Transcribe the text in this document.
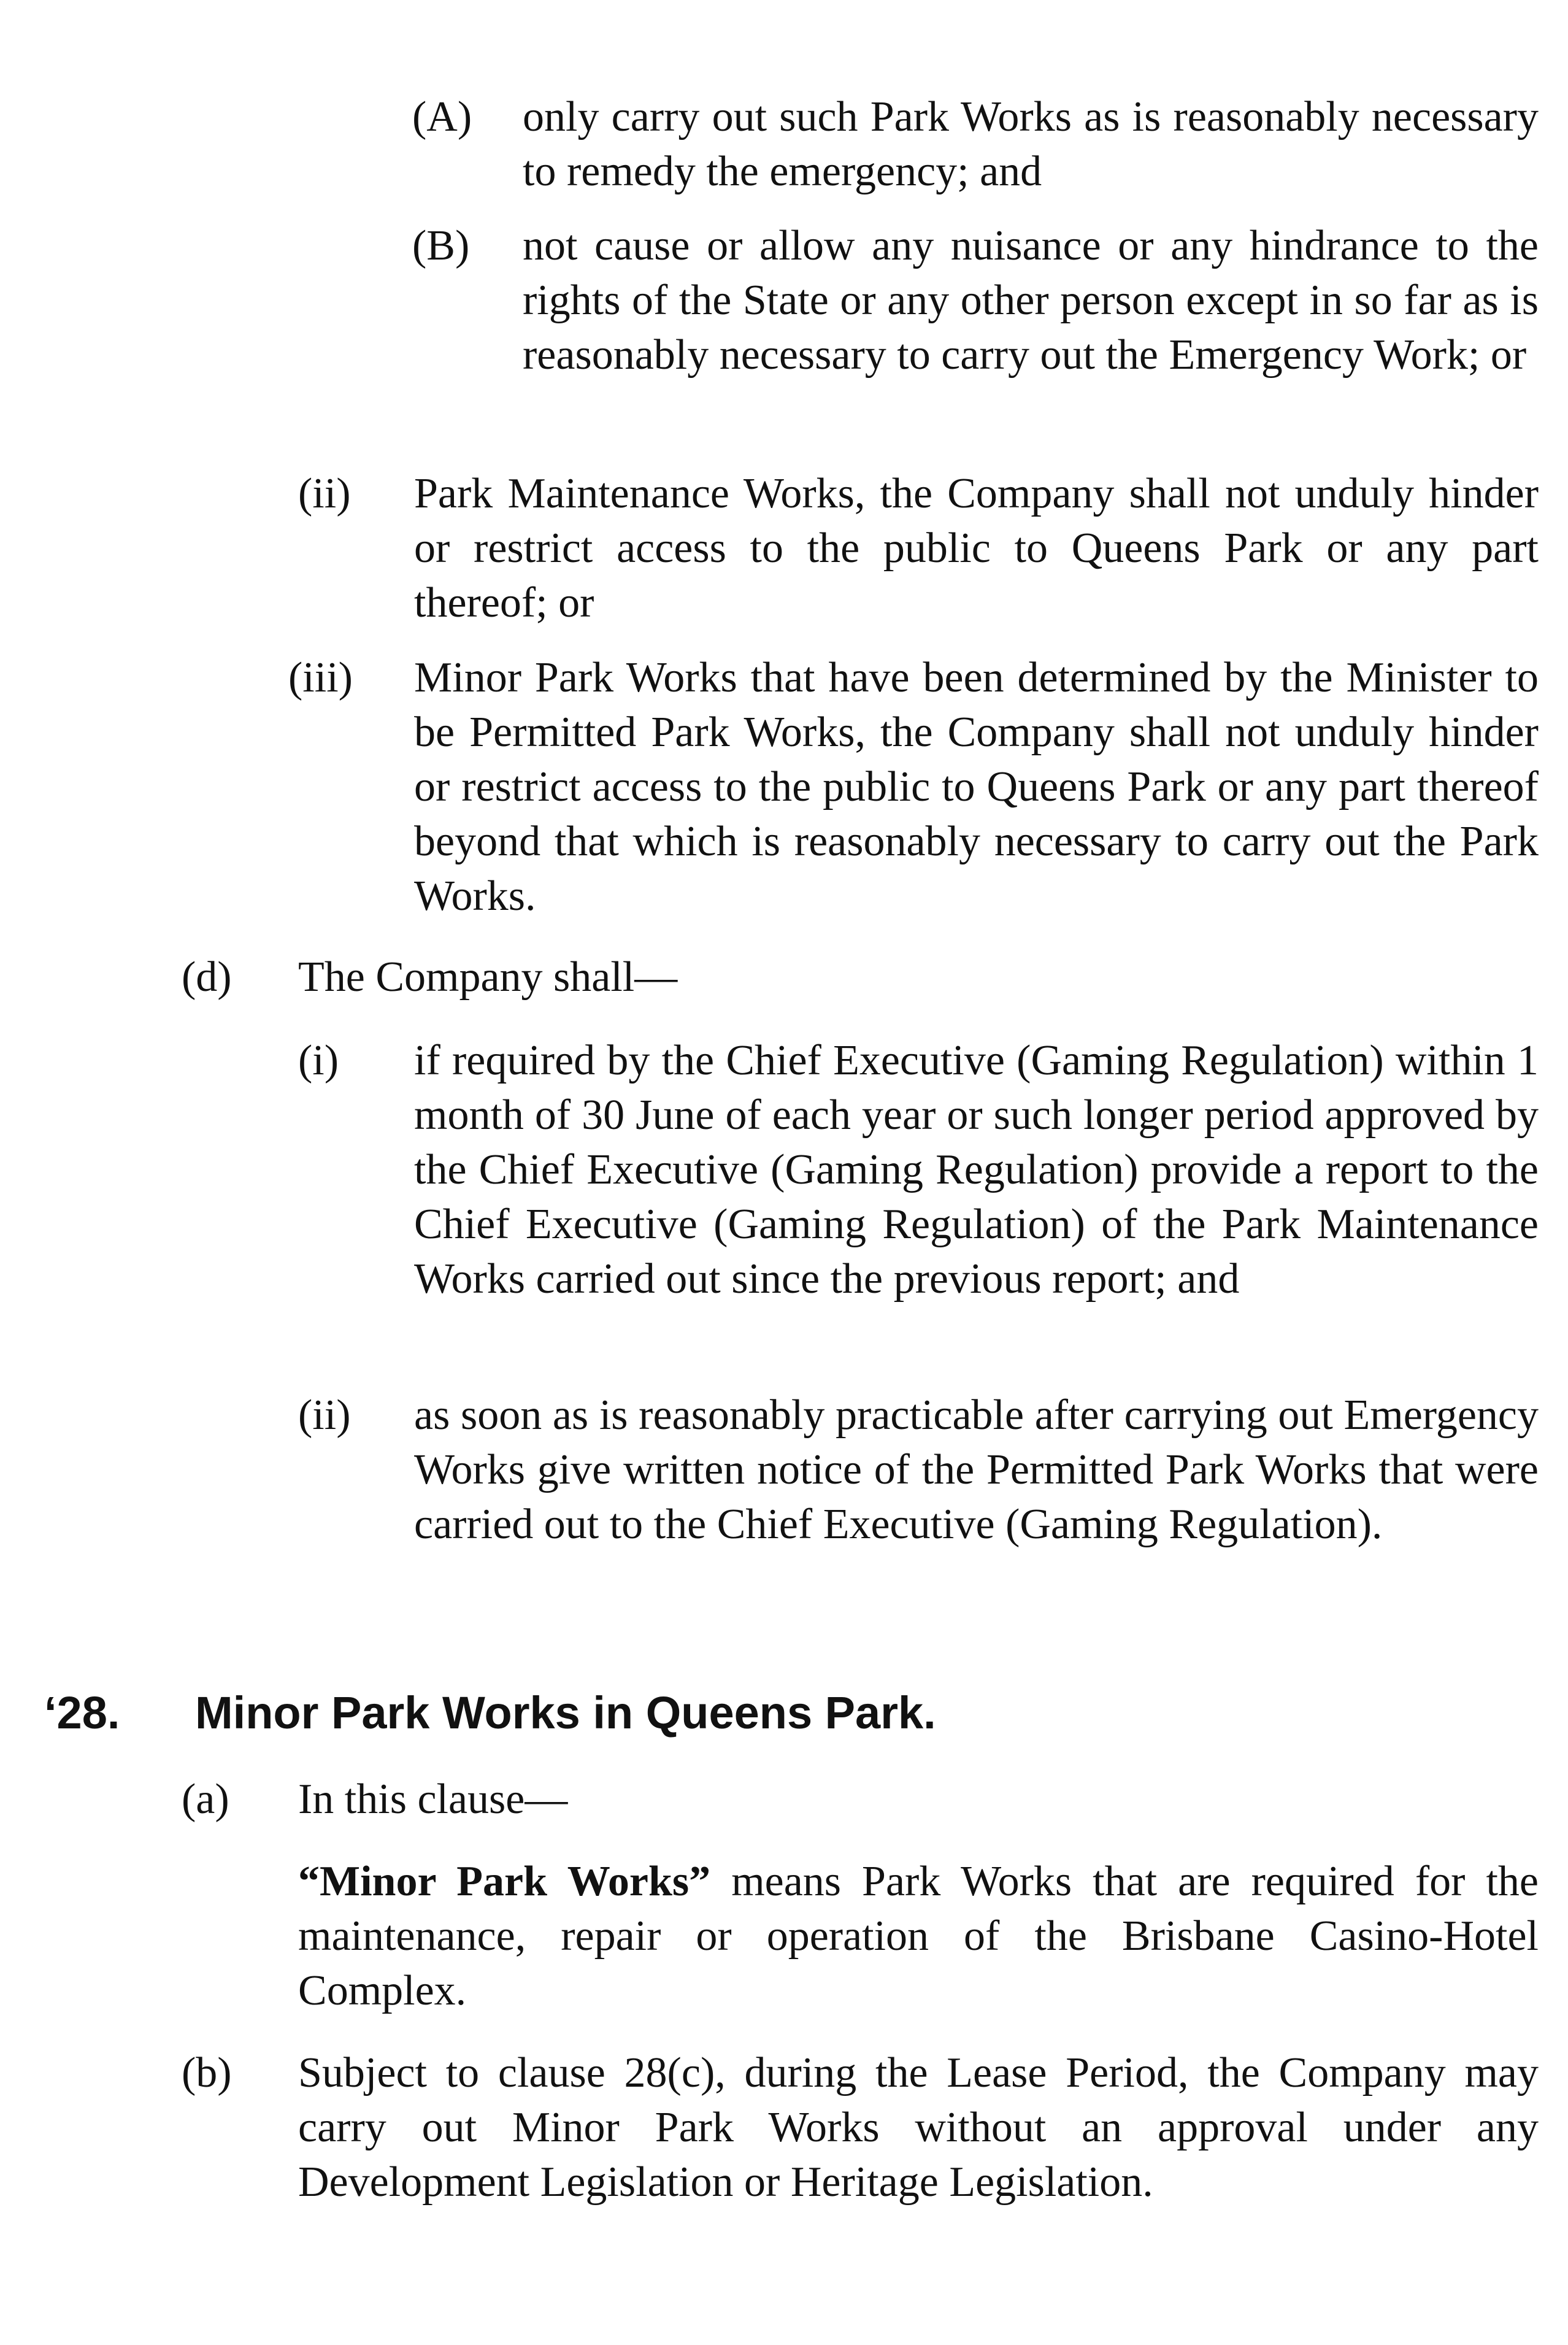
(A) only carry out such Park Works as is reasonably necessary to remedy the emergency; and

(B) not cause or allow any nuisance or any hindrance to the rights of the State or any other person except in so far as is reasonably necessary to carry out the Emergency Work; or

(ii) Park Maintenance Works, the Company shall not unduly hinder or restrict access to the public to Queens Park or any part thereof; or

(iii) Minor Park Works that have been determined by the Minister to be Permitted Park Works, the Company shall not unduly hinder or restrict access to the public to Queens Park or any part thereof beyond that which is reasonably necessary to carry out the Park Works.

(d) The Company shall—

(i) if required by the Chief Executive (Gaming Regulation) within 1 month of 30 June of each year or such longer period approved by the Chief Executive (Gaming Regulation) provide a report to the Chief Executive (Gaming Regulation) of the Park Maintenance Works carried out since the previous report; and

(ii) as soon as is reasonably practicable after carrying out Emergency Works give written notice of the Permitted Park Works that were carried out to the Chief Executive (Gaming Regulation).

‘28. Minor Park Works in Queens Park.
(a) In this clause—

“Minor Park Works” means Park Works that are required for the maintenance, repair or operation of the Brisbane Casino-Hotel Complex.

(b) Subject to clause 28(c), during the Lease Period, the Company may carry out Minor Park Works without an approval under any Development Legislation or Heritage Legislation.
